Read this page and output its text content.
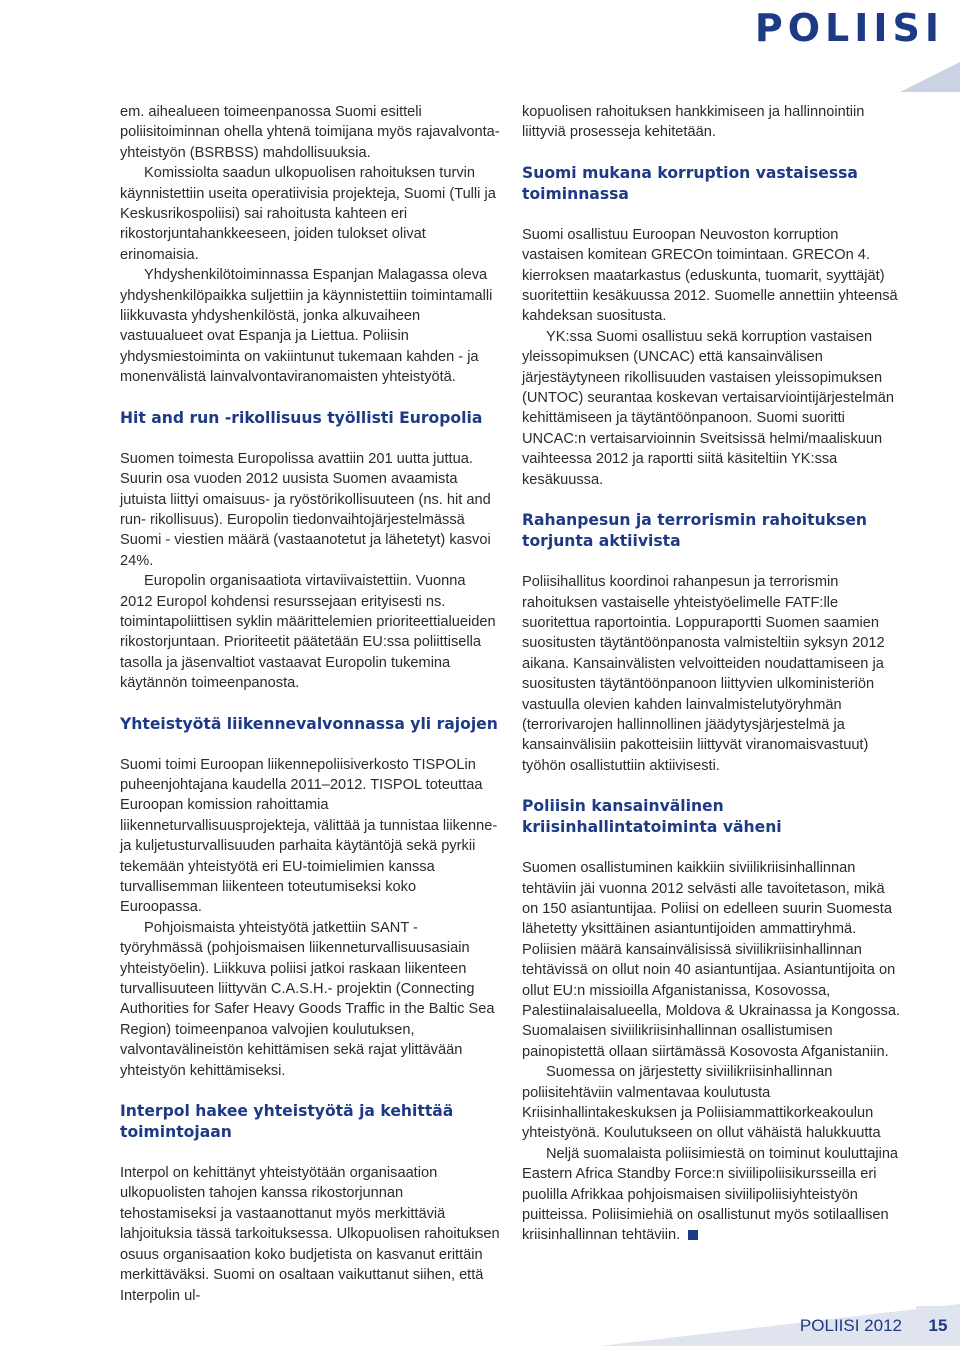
POLIISI

em. aihealueen toimeenpanossa Suomi esitteli poliisitoiminnan ohella yhtenä toimijana myös rajavalvonta-yhteistyön (BSRBSS) mahdollisuuksia.

Komissiolta saadun ulkopuolisen rahoituksen turvin käynnistettiin useita operatiivisia projekteja, Suomi (Tulli ja Keskusrikospoliisi) sai rahoitusta kahteen eri rikostorjuntahankkeeseen, joiden tulokset olivat erinomaisia.

Yhdyshenkilötoiminnassa Espanjan Malagassa oleva yhdyshenkilöpaikka suljettiin ja käynnistettiin toimintamalli liikkuvasta yhdyshenkilöstä, jonka alkuvaiheen vastuualueet ovat Espanja ja Liettua. Poliisin yhdysmiestoiminta on vakiintunut tukemaan kahden - ja monenvälistä lainvalvontaviranomaisten yhteistyötä.

Hit and run -rikollisuus työllisti Europolia

Suomen toimesta Europolissa avattiin 201 uutta juttua. Suurin osa vuoden 2012 uusista Suomen avaamista jutuista liittyi omaisuus- ja ryöstörikollisuuteen (ns. hit and run- rikollisuus). Europolin tiedonvaihtojärjestelmässä Suomi - viestien määrä (vastaanotetut ja lähetetyt) kasvoi 24%.

Europolin organisaatiota virtaviivaistettiin. Vuonna 2012 Europol kohdensi resurssejaan erityisesti ns. toimintapoliittisen syklin määrittelemien prioriteettialueiden rikostorjuntaan. Prioriteetit päätetään EU:ssa poliittisella tasolla ja jäsenvaltiot vastaavat Europolin tukemina käytännön toimeenpanosta.

Yhteistyötä liikennevalvonnassa yli rajojen

Suomi toimi Euroopan liikennepoliisiverkosto TISPOLin puheenjohtajana kaudella 2011–2012. TISPOL toteuttaa Euroopan komission rahoittamia liikenneturvallisuusprojekteja, välittää ja tunnistaa liikenne- ja kuljetusturvallisuuden parhaita käytäntöjä sekä pyrkii tekemään yhteistyötä eri EU-toimielimien kanssa turvallisemman liikenteen toteutumiseksi koko Euroopassa.

Pohjoismaista yhteistyötä jatkettiin SANT - työryhmässä (pohjoismaisen liikenneturvallisuusasiain yhteistyöelin). Liikkuva poliisi jatkoi raskaan liikenteen turvallisuuteen liittyvän C.A.S.H.- projektin (Connecting Authorities for Safer Heavy Goods Traffic in the Baltic Sea Region) toimeenpanoa valvojien koulutuksen, valvontavälineistön kehittämisen sekä rajat ylittävään yhteistyön kehittämiseksi.

Interpol hakee yhteistyötä ja kehittää toimintojaan

Interpol on kehittänyt yhteistyötään organisaation ulkopuolisten tahojen kanssa rikostorjunnan tehostamiseksi ja vastaanottanut myös merkittäviä lahjoituksia tässä tarkoituksessa. Ulkopuolisen rahoituksen osuus organisaation koko budjetista on kasvanut erittäin merkittäväksi. Suomi on osaltaan vaikuttanut siihen, että Interpolin ul-

kopuolisen rahoituksen hankkimiseen ja hallinnointiin liittyviä prosesseja kehitetään.

Suomi mukana korruption vastaisessa toiminnassa

Suomi osallistuu Euroopan Neuvoston korruption vastaisen komitean GRECOn toimintaan. GRECOn 4. kierroksen maatarkastus (eduskunta, tuomarit, syyttäjät) suoritettiin kesäkuussa 2012. Suomelle annettiin yhteensä kahdeksan suositusta.

YK:ssa Suomi osallistuu sekä korruption vastaisen yleissopimuksen (UNCAC) että kansainvälisen järjestäytyneen rikollisuuden vastaisen yleissopimuksen (UNTOC) seurantaa koskevan vertaisarviointijärjestelmän kehittämiseen ja täytäntöönpanoon. Suomi suoritti UNCAC:n vertaisarvioinnin Sveitsissä helmi/maaliskuun vaihteessa 2012 ja raportti siitä käsiteltiin YK:ssa kesäkuussa.

Rahanpesun ja terrorismin rahoituksen torjunta aktiivista

Poliisihallitus koordinoi rahanpesun ja terrorismin rahoituksen vastaiselle yhteistyöelimelle FATF:lle suoritettua raportointia. Loppuraportti Suomen saamien suositusten täytäntöönpanosta valmisteltiin syksyn 2012 aikana. Kansainvälisten velvoitteiden noudattamiseen ja suositusten täytäntöönpanoon liittyvien ulkoministeriön vastuulla olevien kahden lainvalmistelutyöryhmän (terrorivarojen hallinnollinen jäädytysjärjestelmä ja kansainvälisiin pakotteisiin liittyvät viranomaisvastuut) työhön osallistuttiin aktiivisesti.

Poliisin kansainvälinen kriisinhallintatoiminta väheni

Suomen osallistuminen kaikkiin siviilikriisinhallinnan tehtäviin jäi vuonna 2012 selvästi alle tavoitetason, mikä on 150 asiantuntijaa. Poliisi on edelleen suurin Suomesta lähetetty yksittäinen asiantuntijoiden ammattiryhmä. Poliisien määrä kansainvälisissä siviilikriisinhallinnan tehtävissä on ollut noin 40 asiantuntijaa. Asiantuntijoita on ollut EU:n missioilla Afganistanissa, Kosovossa, Palestiinalaisalueella, Moldova & Ukrainassa ja Kongossa. Suomalaisen siviilikriisinhallinnan osallistumisen painopistettä ollaan siirtämässä Kosovosta Afganistaniin.

Suomessa on järjestetty siviilikriisinhallinnan poliisitehtäviin valmentavaa koulutusta Kriisinhallintakeskuksen ja Poliisiammattikorkeakoulun yhteistyönä. Koulutukseen on ollut vähäistä halukkuutta

Neljä suomalaista poliisimiestä on toiminut kouluttajina Eastern Africa Standby Force:n siviilipoliisikursseilla eri puolilla Afrikkaa pohjoismaisen siviilipoliisiyhteistyön puitteissa. Poliisimiehiä on osallistunut myös sotilaallisen kriisinhallinnan tehtäviin.

POLIISI 2012	15
